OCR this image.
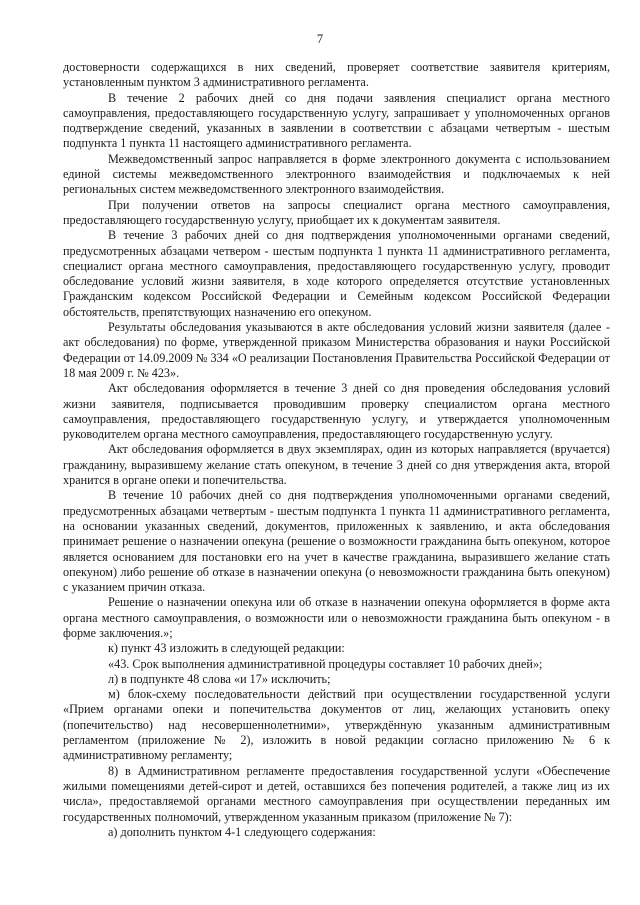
7

достоверности содержащихся в них сведений, проверяет соответствие заявителя критериям, установленным пунктом 3 административного регламента.

В течение 2 рабочих дней со дня подачи заявления специалист органа местного самоуправления, предоставляющего государственную услугу, запрашивает у уполномоченных органов подтверждение сведений, указанных в заявлении в соответствии с абзацами четвертым - шестым подпункта 1 пункта 11 настоящего административного регламента.

Межведомственный запрос направляется в форме электронного документа с использованием единой системы межведомственного электронного взаимодействия и подключаемых к ней региональных систем межведомственного электронного взаимодействия.

При получении ответов на запросы специалист органа местного самоуправления, предоставляющего государственную услугу, приобщает их к документам заявителя.

В течение 3 рабочих дней со дня подтверждения уполномоченными органами сведений, предусмотренных абзацами четвером - шестым подпункта 1 пункта 11 административного регламента, специалист органа местного самоуправления, предоставляющего государственную услугу, проводит обследование условий жизни заявителя, в ходе которого определяется отсутствие установленных Гражданским кодексом Российской Федерации и Семейным кодексом Российской Федерации обстоятельств, препятствующих назначению его опекуном.

Результаты обследования указываются в акте обследования условий жизни заявителя (далее - акт обследования) по форме, утвержденной приказом Министерства образования и науки Российской Федерации от 14.09.2009 № 334 «О реализации Постановления Правительства Российской Федерации от 18 мая 2009 г. № 423».

Акт обследования оформляется в течение 3 дней со дня проведения обследования условий жизни заявителя, подписывается проводившим проверку специалистом органа местного самоуправления, предоставляющего государственную услугу, и утверждается уполномоченным руководителем органа местного самоуправления, предоставляющего государственную услугу.

Акт обследования оформляется в двух экземплярах, один из которых направляется (вручается) гражданину, выразившему желание стать опекуном, в течение 3 дней со дня утверждения акта, второй хранится в органе опеки и попечительства.

В течение 10 рабочих дней со дня подтверждения уполномоченными органами сведений, предусмотренных абзацами четвертым - шестым подпункта 1 пункта 11 административного регламента, на основании указанных сведений, документов, приложенных к заявлению, и акта обследования принимает решение о назначении опекуна (решение о возможности гражданина быть опекуном, которое является основанием для постановки его на учет в качестве гражданина, выразившего желание стать опекуном) либо решение об отказе в назначении опекуна (о невозможности гражданина быть опекуном) с указанием причин отказа.

Решение о назначении опекуна или об отказе в назначении опекуна оформляется в форме акта органа местного самоуправления, о возможности или о невозможности гражданина быть опекуном - в форме заключения.»;

к) пункт 43 изложить в следующей редакции:

«43. Срок выполнения административной процедуры составляет 10 рабочих дней»;

л) в подпункте 48 слова «и 17» исключить;

м) блок-схему последовательности действий при осуществлении государственной услуги «Прием органами опеки и попечительства документов от лиц, желающих установить опеку (попечительство) над несовершеннолетними», утверждённую указанным административным регламентом (приложение № 2), изложить в новой редакции согласно приложению № 6 к административному регламенту;

8) в Административном регламенте предоставления государственной услуги «Обеспечение жилыми помещениями детей-сирот и детей, оставшихся без попечения родителей, а также лиц из их числа», предоставляемой органами местного самоуправления при осуществлении переданных им государственных полномочий, утвержденном указанным приказом (приложение № 7):

а) дополнить пунктом 4-1 следующего содержания:
